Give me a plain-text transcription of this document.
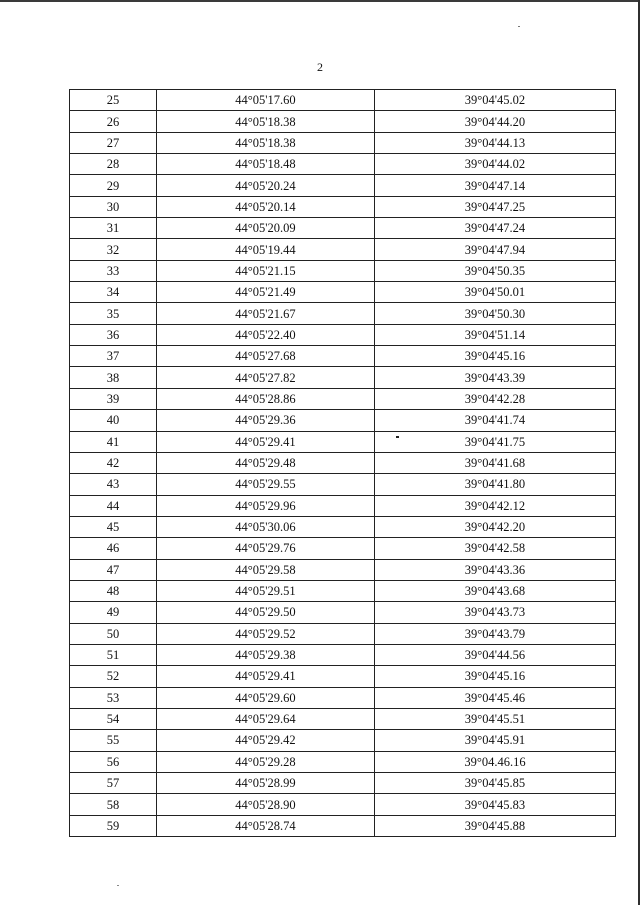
2
25	44°05'17.60	39°04'45.02
26	44°05'18.38	39°04'44.20
27	44°05'18.38	39°04'44.13
28	44°05'18.48	39°04'44.02
29	44°05'20.24	39°04'47.14
30	44°05'20.14	39°04'47.25
31	44°05'20.09	39°04'47.24
32	44°05'19.44	39°04'47.94
33	44°05'21.15	39°04'50.35
34	44°05'21.49	39°04'50.01
35	44°05'21.67	39°04'50.30
36	44°05'22.40	39°04'51.14
37	44°05'27.68	39°04'45.16
38	44°05'27.82	39°04'43.39
39	44°05'28.86	39°04'42.28
40	44°05'29.36	39°04'41.74
41	44°05'29.41	39°04'41.75
42	44°05'29.48	39°04'41.68
43	44°05'29.55	39°04'41.80
44	44°05'29.96	39°04'42.12
45	44°05'30.06	39°04'42.20
46	44°05'29.76	39°04'42.58
47	44°05'29.58	39°04'43.36
48	44°05'29.51	39°04'43.68
49	44°05'29.50	39°04'43.73
50	44°05'29.52	39°04'43.79
51	44°05'29.38	39°04'44.56
52	44°05'29.41	39°04'45.16
53	44°05'29.60	39°04'45.46
54	44°05'29.64	39°04'45.51
55	44°05'29.42	39°04'45.91
56	44°05'29.28	39°04.46.16
57	44°05'28.99	39°04'45.85
58	44°05'28.90	39°04'45.83
59	44°05'28.74	39°04'45.88
